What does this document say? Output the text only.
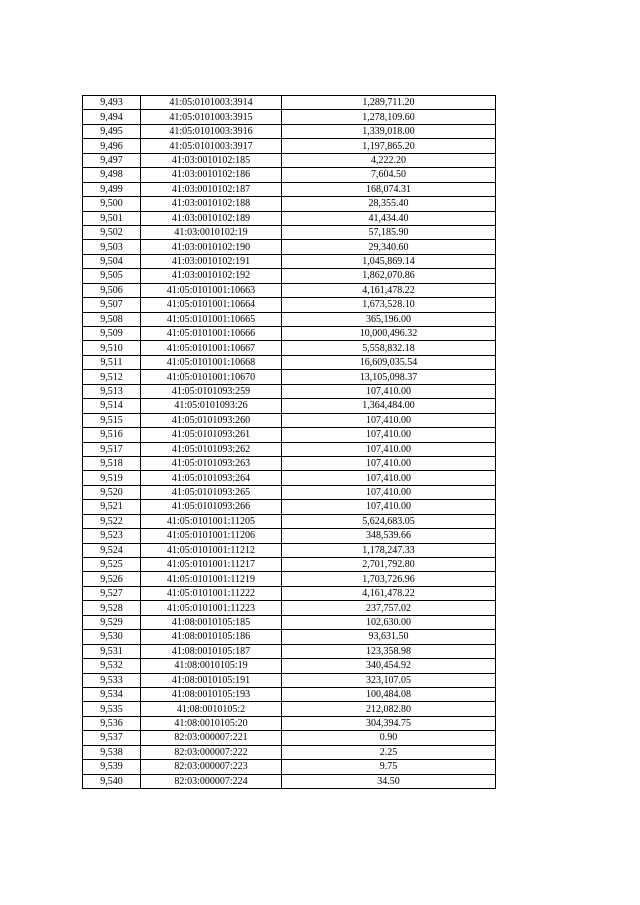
9,493	41:05:0101003:3914	1,289,711.20
9,494	41:05:0101003:3915	1,278,109.60
9,495	41:05:0101003:3916	1,339,018.00
9,496	41:05:0101003:3917	1,197,865.20
9,497	41:03:0010102:185	4,222.20
9,498	41:03:0010102:186	7,604.50
9,499	41:03:0010102:187	168,074.31
9,500	41:03:0010102:188	28,355.40
9,501	41:03:0010102:189	41,434.40
9,502	41:03:0010102:19	57,185.90
9,503	41:03:0010102:190	29,340.60
9,504	41:03:0010102:191	1,045,869.14
9,505	41:03:0010102:192	1,862,070.86
9,506	41:05:0101001:10663	4,161,478.22
9,507	41:05:0101001:10664	1,673,528.10
9,508	41:05:0101001:10665	365,196.00
9,509	41:05:0101001:10666	10,000,496.32
9,510	41:05:0101001:10667	5,558,832.18
9,511	41:05:0101001:10668	16,609,035.54
9,512	41:05:0101001:10670	13,105,098.37
9,513	41:05:0101093:259	107,410.00
9,514	41:05:0101093:26	1,364,484.00
9,515	41:05:0101093:260	107,410.00
9,516	41:05:0101093:261	107,410.00
9,517	41:05:0101093:262	107,410.00
9,518	41:05:0101093:263	107,410.00
9,519	41:05:0101093:264	107,410.00
9,520	41:05:0101093:265	107,410.00
9,521	41:05:0101093:266	107,410.00
9,522	41:05:0101001:11205	5,624,683.05
9,523	41:05:0101001:11206	348,539.66
9,524	41:05:0101001:11212	1,178,247.33
9,525	41:05:0101001:11217	2,701,792.80
9,526	41:05:0101001:11219	1,703,726.96
9,527	41:05:0101001:11222	4,161,478.22
9,528	41:05:0101001:11223	237,757.02
9,529	41:08:0010105:185	102,630.00
9,530	41:08:0010105:186	93,631.50
9,531	41:08:0010105:187	123,358.98
9,532	41:08:0010105:19	340,454.92
9,533	41:08:0010105:191	323,107.05
9,534	41:08:0010105:193	100,484.08
9,535	41:08:0010105:2	212,082.80
9,536	41:08:0010105:20	304,394.75
9,537	82:03:000007:221	0.90
9,538	82:03:000007:222	2.25
9,539	82:03:000007:223	9.75
9,540	82:03:000007:224	34.50
